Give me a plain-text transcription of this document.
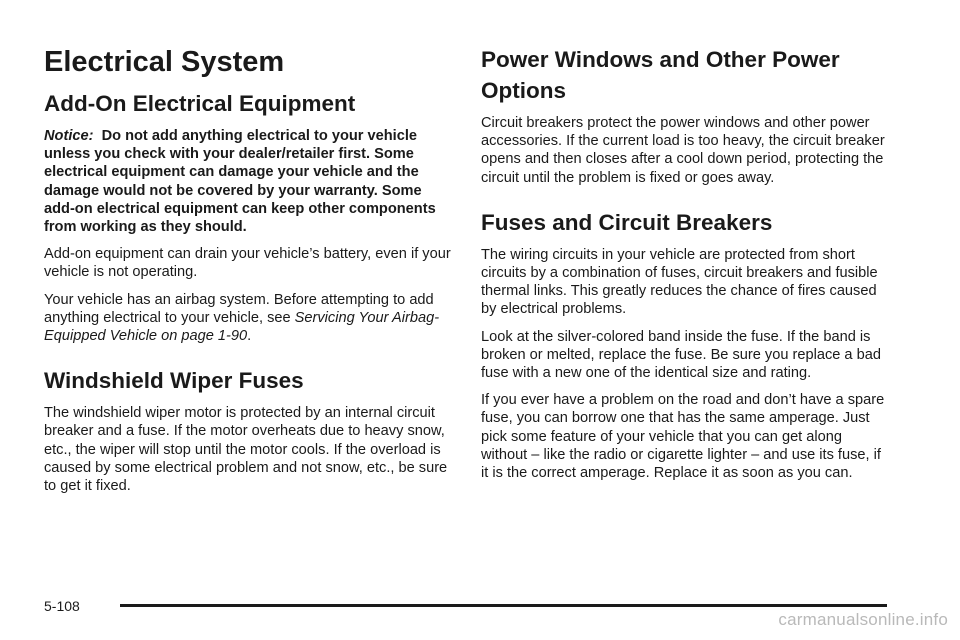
Electrical System
Add-On Electrical Equipment

Notice: Do not add anything electrical to your vehicle unless you check with your dealer/retailer first. Some electrical equipment can damage your vehicle and the damage would not be covered by your warranty. Some add-on electrical equipment can keep other components from working as they should.

Add-on equipment can drain your vehicle’s battery, even if your vehicle is not operating.

Your vehicle has an airbag system. Before attempting to add anything electrical to your vehicle, see Servicing Your Airbag-Equipped Vehicle on page 1-90.

Windshield Wiper Fuses

The windshield wiper motor is protected by an internal circuit breaker and a fuse. If the motor overheats due to heavy snow, etc., the wiper will stop until the motor cools. If the overload is caused by some electrical problem and not snow, etc., be sure to get it fixed.

Power Windows and Other Power Options

Circuit breakers protect the power windows and other power accessories. If the current load is too heavy, the circuit breaker opens and then closes after a cool down period, protecting the circuit until the problem is fixed or goes away.

Fuses and Circuit Breakers

The wiring circuits in your vehicle are protected from short circuits by a combination of fuses, circuit breakers and fusible thermal links. This greatly reduces the chance of fires caused by electrical problems.

Look at the silver-colored band inside the fuse. If the band is broken or melted, replace the fuse. Be sure you replace a bad fuse with a new one of the identical size and rating.

If you ever have a problem on the road and don’t have a spare fuse, you can borrow one that has the same amperage. Just pick some feature of your vehicle that you can get along without – like the radio or cigarette lighter – and use its fuse, if it is the correct amperage. Replace it as soon as you can.

5-108
carmanualsonline.info
